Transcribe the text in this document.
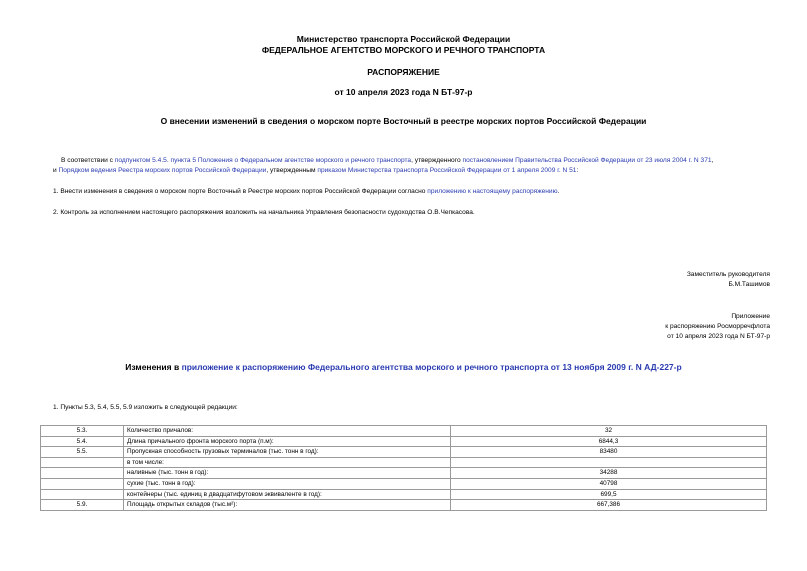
Министерство транспорта Российской Федерации
ФЕДЕРАЛЬНОЕ АГЕНТСТВО МОРСКОГО И РЕЧНОГО ТРАНСПОРТА
РАСПОРЯЖЕНИЕ
от 10 апреля 2023 года N БТ-97-р
О внесении изменений в сведения о морском порте Восточный в реестре морских портов Российской Федерации
В соответствии с подпунктом 5.4.5. пункта 5 Положения о Федеральном агентстве морского и речного транспорта, утвержденного постановлением Правительства Российской Федерации от 23 июля 2004 г. N 371,
и Порядком ведения Реестра морских портов Российской Федерации, утвержденным приказом Министерства транспорта Российской Федерации от 1 апреля 2009 г. N 51:
1. Внести изменения в сведения о морском порте Восточный в Реестре морских портов Российской Федерации согласно приложению к настоящему распоряжению.
2. Контроль за исполнением настоящего распоряжения возложить на начальника Управления безопасности судоходства О.В.Чепкасова.
Заместитель руководителя
Б.М.Ташимов
Приложение
к распоряжению Росморречфлота
от 10 апреля 2023 года N БТ-97-р
Изменения в приложение к распоряжению Федерального агентства морского и речного транспорта от 13 ноября 2009 г. N АД-227-р
1. Пункты 5.3, 5.4, 5.5, 5.9 изложить в следующей редакции:
5.3.	Количество причалов:	32
5.4.	Длина причального фронта морского порта (п.м):	6844,3
5.5.	Пропускная способность грузовых терминалов (тыс. тонн в год):	83480
	в том числе:	
	наливные (тыс. тонн в год):	34288
	сухие (тыс. тонн в год):	40798
	контейнеры (тыс. единиц в двадцатифутовом эквиваленте в год):	699,5
5.9.	Площадь открытых складов (тыс.м²):	667,386
